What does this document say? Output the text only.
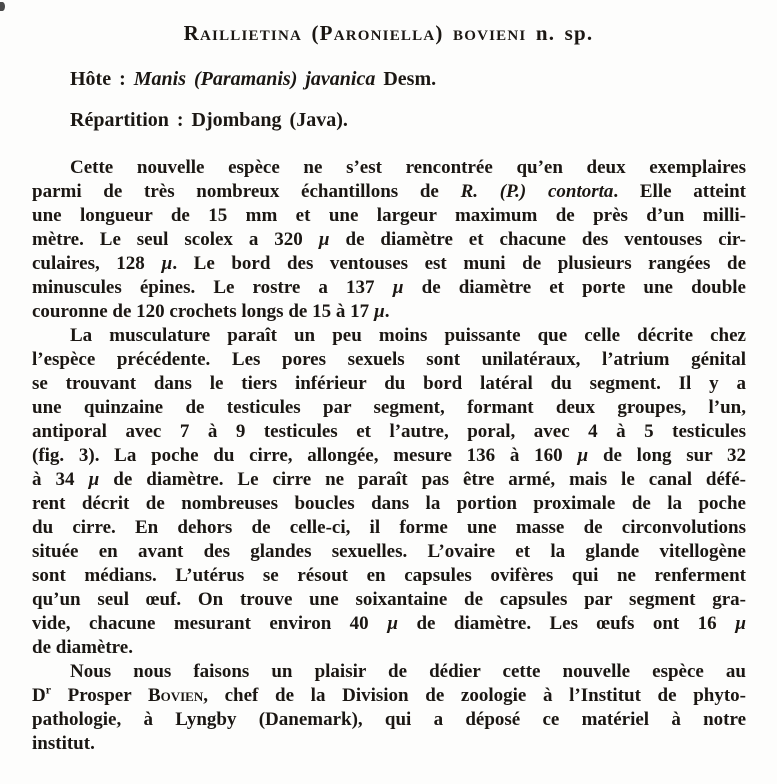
Raillietina (Paroniella) bovieni n. sp.
Hôte : Manis (Paramanis) javanica Desm.
Répartition : Djombang (Java).
Cette nouvelle espèce ne s’est rencontrée qu’en deux exemplaires
parmi de très nombreux échantillons de R. (P.) contorta. Elle atteint
une longueur de 15 mm et une largeur maximum de près d’un milli-
mètre. Le seul scolex a 320 µ de diamètre et chacune des ventouses cir-
culaires, 128 µ. Le bord des ventouses est muni de plusieurs rangées de
minuscules épines. Le rostre a 137 µ de diamètre et porte une double
couronne de 120 crochets longs de 15 à 17 µ.
La musculature paraît un peu moins puissante que celle décrite chez
l’espèce précédente. Les pores sexuels sont unilatéraux, l’atrium génital
se trouvant dans le tiers inférieur du bord latéral du segment. Il y a
une quinzaine de testicules par segment, formant deux groupes, l’un,
antiporal avec 7 à 9 testicules et l’autre, poral, avec 4 à 5 testicules
(fig. 3). La poche du cirre, allongée, mesure 136 à 160 µ de long sur 32
à 34 µ de diamètre. Le cirre ne paraît pas être armé, mais le canal défé-
rent décrit de nombreuses boucles dans la portion proximale de la poche
du cirre. En dehors de celle-ci, il forme une masse de circonvolutions
située en avant des glandes sexuelles. L’ovaire et la glande vitellogène
sont médians. L’utérus se résout en capsules ovifères qui ne renferment
qu’un seul œuf. On trouve une soixantaine de capsules par segment gra-
vide, chacune mesurant environ 40 µ de diamètre. Les œufs ont 16 µ
de diamètre.
Nous nous faisons un plaisir de dédier cette nouvelle espèce au
$D^r$ Prosper Bovien, chef de la Division de zoologie à l’Institut de phyto-
pathologie, à Lyngby (Danemark), qui a déposé ce matériel à notre
institut.
